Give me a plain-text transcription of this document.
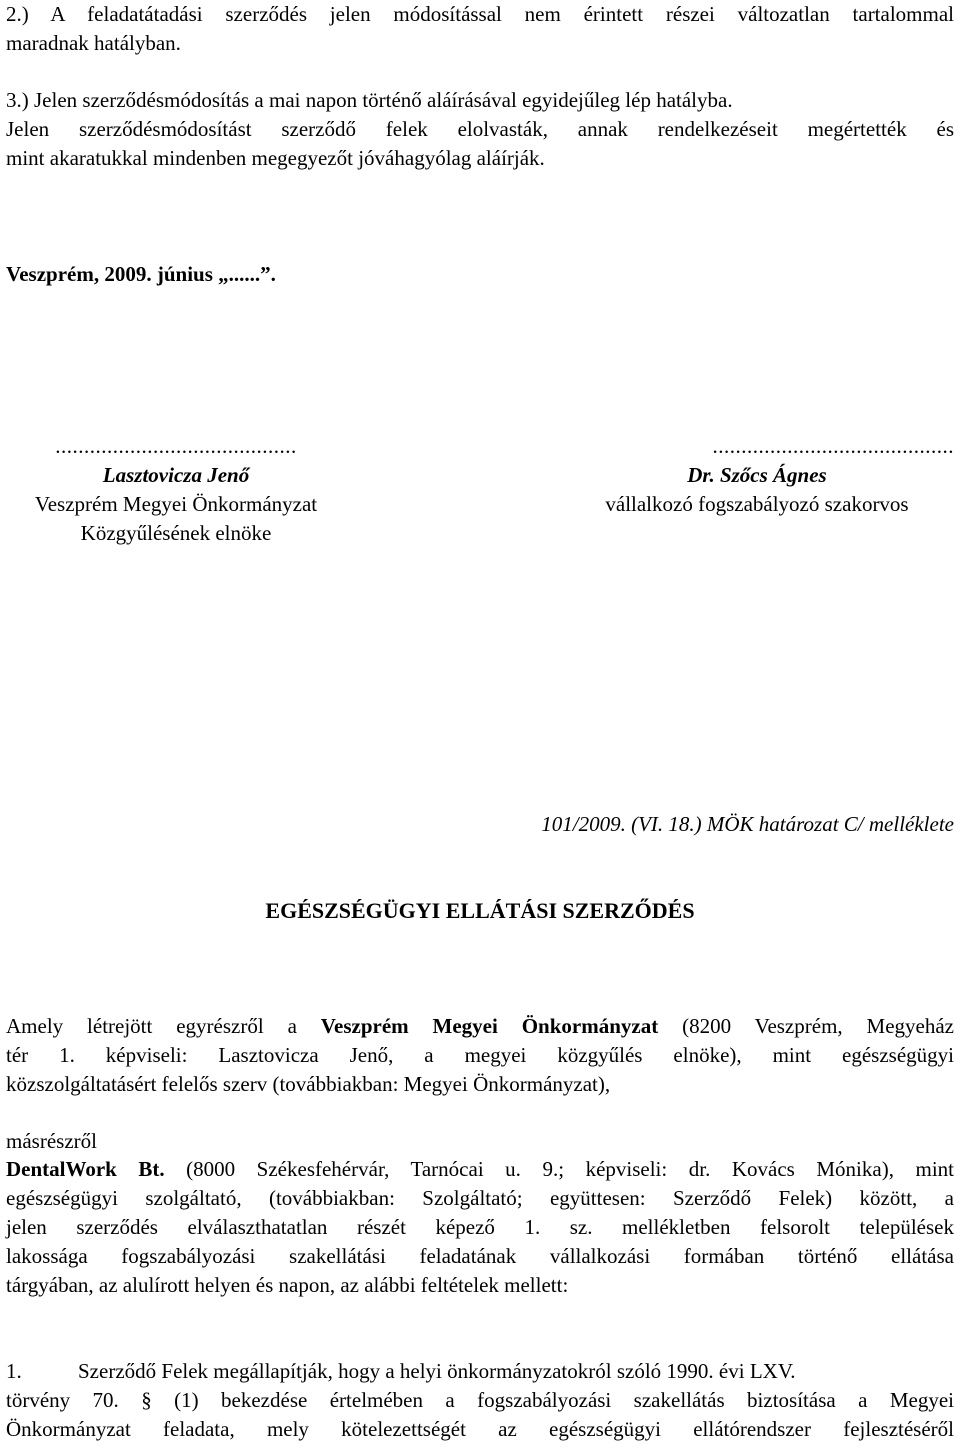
2.) A feladatátadási szerződés jelen módosítással nem érintett részei változatlan tartalommal
maradnak hatályban.
3.) Jelen szerződésmódosítás a mai napon történő aláírásával egyidejűleg lép hatályba.
Jelen szerződésmódosítást szerződő felek elolvasták, annak rendelkezéseit megértették és
mint akaratukkal mindenben megegyezőt jóváhagyólag aláírják.
Veszprém, 2009. június „......”.
..........................................
Lasztovicza Jenő
Veszprém Megyei Önkormányzat
Közgyűlésének elnöke
..........................................
Dr. Szőcs Ágnes
vállalkozó fogszabályozó szakorvos
101/2009. (VI. 18.) MÖK határozat C/ melléklete
EGÉSZSÉGÜGYI ELLÁTÁSI SZERZŐDÉS
Amely létrejött egyrészről a Veszprém Megyei Önkormányzat (8200 Veszprém, Megyeház
tér 1. képviseli: Lasztovicza Jenő, a megyei közgyűlés elnöke), mint egészségügyi
közszolgáltatásért felelős szerv (továbbiakban: Megyei Önkormányzat),
másrészről
DentalWork Bt. (8000 Székesfehérvár, Tarnócai u. 9.; képviseli: dr. Kovács Mónika), mint
egészségügyi szolgáltató, (továbbiakban: Szolgáltató; együttesen: Szerződő Felek) között, a
jelen szerződés elválaszthatatlan részét képező 1. sz. mellékletben felsorolt települések
lakossága fogszabályozási szakellátási feladatának vállalkozási formában történő ellátása
tárgyában, az alulírott helyen és napon, az alábbi feltételek mellett:
1.	Szerződő Felek megállapítják, hogy a helyi önkormányzatokról szóló 1990. évi LXV.
törvény 70. § (1) bekezdése értelmében a fogszabályozási szakellátás biztosítása a Megyei
Önkormányzat feladata, mely kötelezettségét az egészségügyi ellátórendszer fejlesztéséről
